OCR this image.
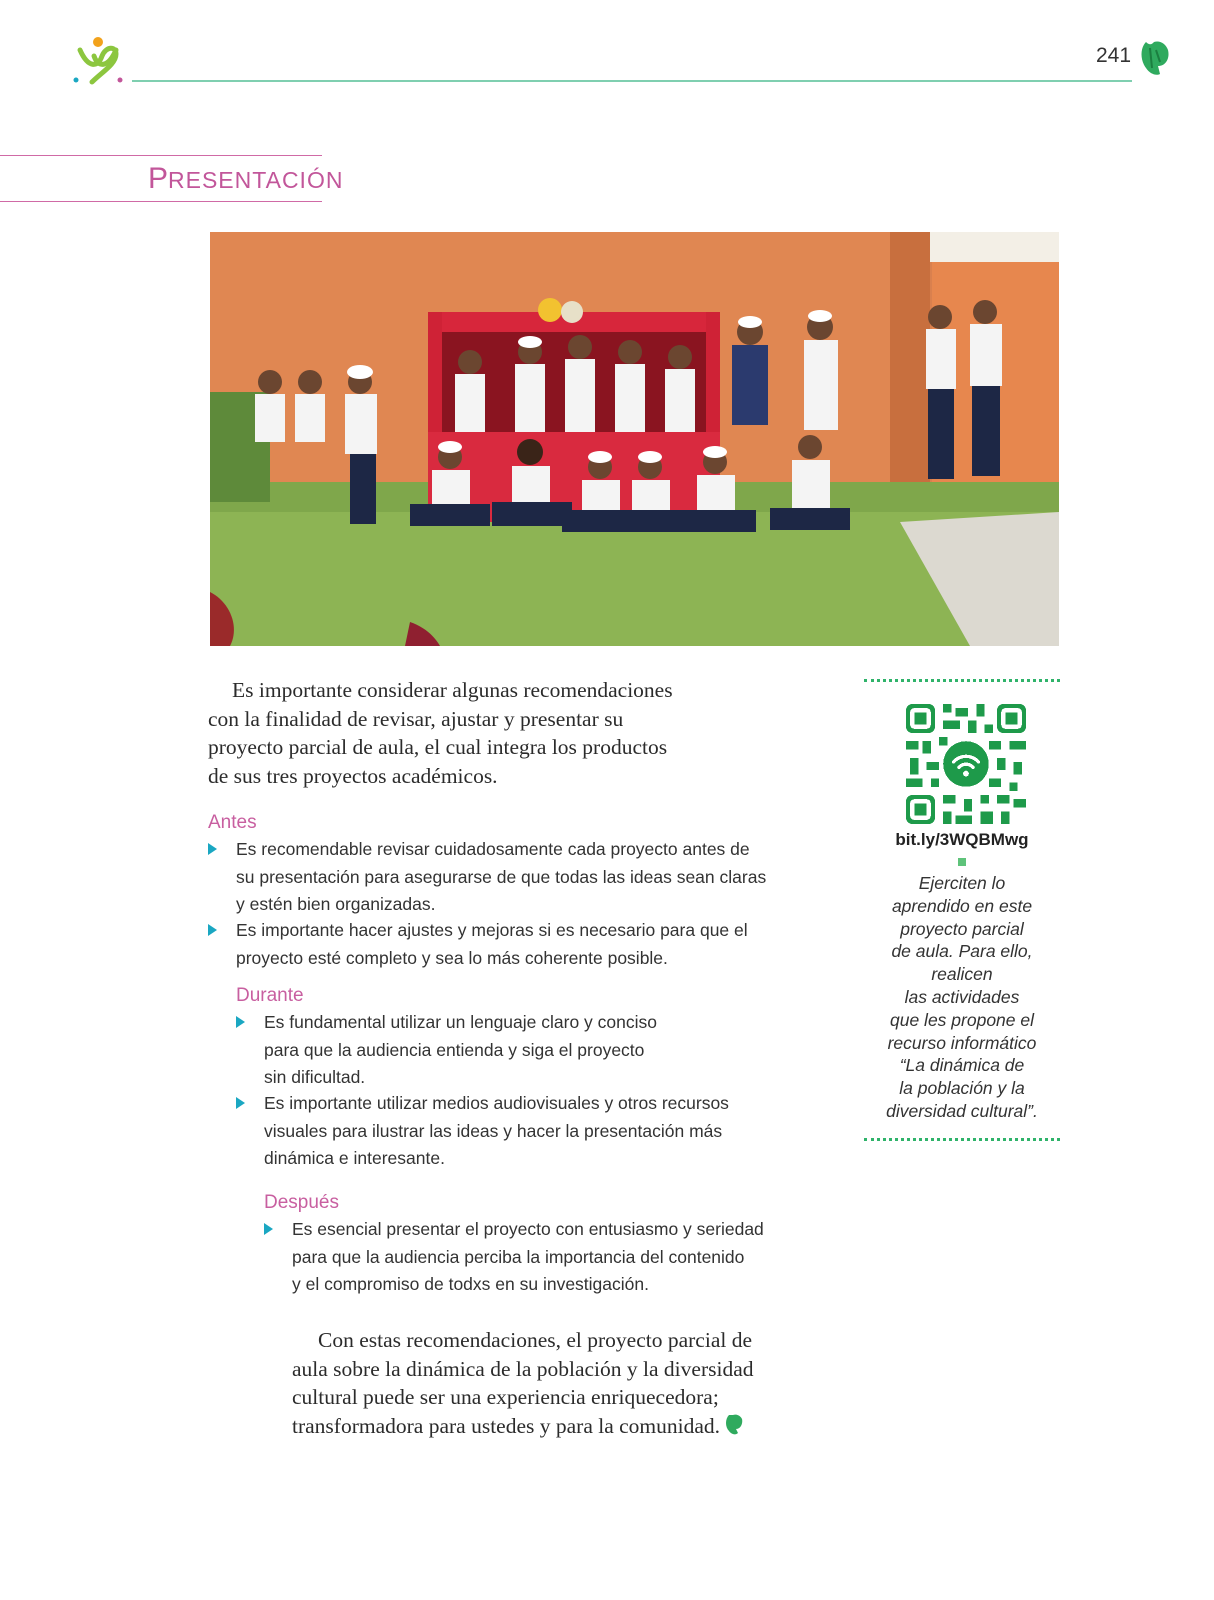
241
PRESENTACIÓN
Es importante considerar algunas recomendaciones
con la finalidad de revisar, ajustar y presentar su
proyecto parcial de aula, el cual integra los productos
de sus tres proyectos académicos.
Antes
Es recomendable revisar cuidadosamente cada proyecto antes de
su presentación para asegurarse de que todas las ideas sean claras
y estén bien organizadas.
Es importante hacer ajustes y mejoras si es necesario para que el
proyecto esté completo y sea lo más coherente posible.
Durante
Es fundamental utilizar un lenguaje claro y conciso
para que la audiencia entienda y siga el proyecto
sin dificultad.
Es importante utilizar medios audiovisuales y otros recursos
visuales para ilustrar las ideas y hacer la presentación más
dinámica e interesante.
Después
Es esencial presentar el proyecto con entusiasmo y seriedad
para que la audiencia perciba la importancia del contenido
y el compromiso de todxs en su investigación.
Con estas recomendaciones, el proyecto parcial de
aula sobre la dinámica de la población y la diversidad
cultural puede ser una experiencia enriquecedora;
transformadora para ustedes y para la comunidad.
bit.ly/3WQBMwg
Ejerciten lo
aprendido en este
proyecto parcial
de aula. Para ello,
realicen
las actividades
que les propone el
recurso informático
“La dinámica de
la población y la
diversidad cultural”.
